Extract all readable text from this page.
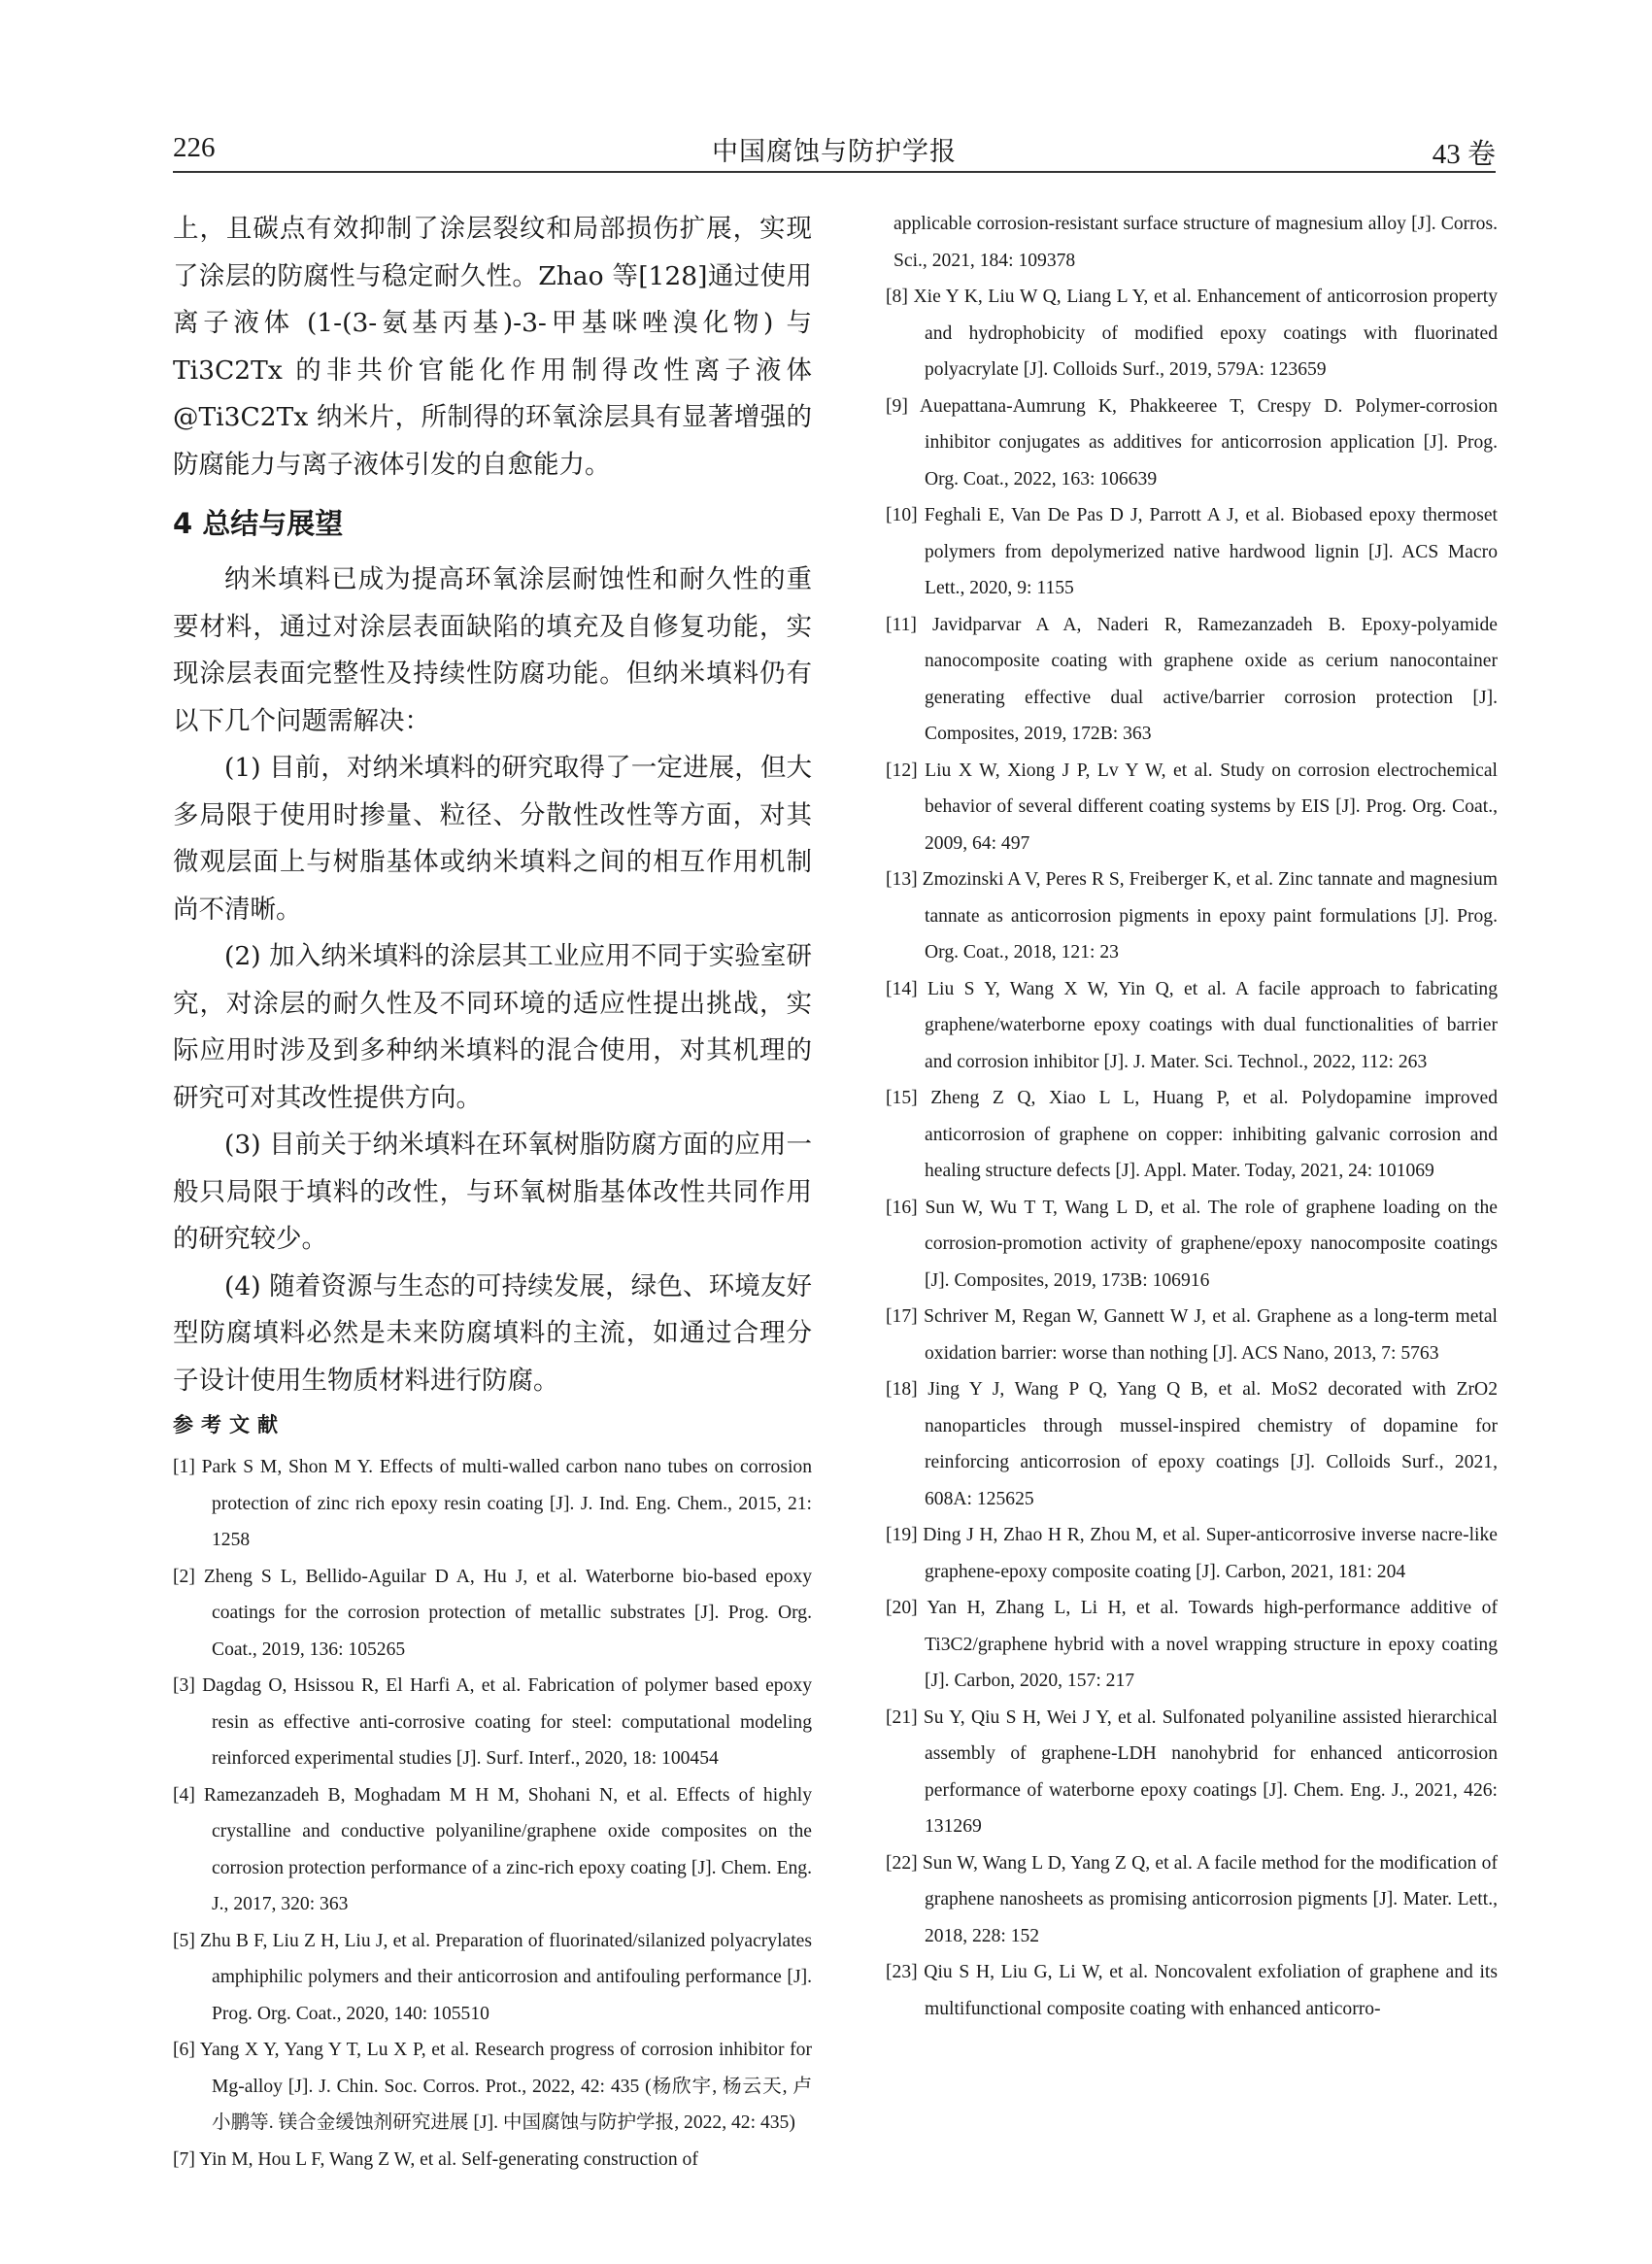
226	中国腐蚀与防护学报	43 卷

上，且碳点有效抑制了涂层裂纹和局部损伤扩展，实现了涂层的防腐性与稳定耐久性。Zhao 等[128]通过使用离子液体 (1-(3-氨基丙基)-3-甲基咪唑溴化物) 与 Ti3C2Tx 的非共价官能化作用制得改性离子液体@Ti3C2Tx 纳米片，所制得的环氧涂层具有显著增强的防腐能力与离子液体引发的自愈能力。

4 总结与展望

纳米填料已成为提高环氧涂层耐蚀性和耐久性的重要材料，通过对涂层表面缺陷的填充及自修复功能，实现涂层表面完整性及持续性防腐功能。但纳米填料仍有以下几个问题需解决：

(1) 目前，对纳米填料的研究取得了一定进展，但大多局限于使用时掺量、粒径、分散性改性等方面，对其微观层面上与树脂基体或纳米填料之间的相互作用机制尚不清晰。

(2) 加入纳米填料的涂层其工业应用不同于实验室研究，对涂层的耐久性及不同环境的适应性提出挑战，实际应用时涉及到多种纳米填料的混合使用，对其机理的研究可对其改性提供方向。

(3) 目前关于纳米填料在环氧树脂防腐方面的应用一般只局限于填料的改性，与环氧树脂基体改性共同作用的研究较少。

(4) 随着资源与生态的可持续发展，绿色、环境友好型防腐填料必然是未来防腐填料的主流，如通过合理分子设计使用生物质材料进行防腐。

参考文献

[1] Park S M, Shon M Y. Effects of multi-walled carbon nano tubes on corrosion protection of zinc rich epoxy resin coating [J]. J. Ind. Eng. Chem., 2015, 21: 1258

[2] Zheng S L, Bellido-Aguilar D A, Hu J, et al. Waterborne bio-based epoxy coatings for the corrosion protection of metallic substrates [J]. Prog. Org. Coat., 2019, 136: 105265

[3] Dagdag O, Hsissou R, El Harfi A, et al. Fabrication of polymer based epoxy resin as effective anti-corrosive coating for steel: computational modeling reinforced experimental studies [J]. Surf. Interf., 2020, 18: 100454

[4] Ramezanzadeh B, Moghadam M H M, Shohani N, et al. Effects of highly crystalline and conductive polyaniline/graphene oxide composites on the corrosion protection performance of a zinc-rich epoxy coating [J]. Chem. Eng. J., 2017, 320: 363

[5] Zhu B F, Liu Z H, Liu J, et al. Preparation of fluorinated/silanized polyacrylates amphiphilic polymers and their anticorrosion and antifouling performance [J]. Prog. Org. Coat., 2020, 140: 105510

[6] Yang X Y, Yang Y T, Lu X P, et al. Research progress of corrosion inhibitor for Mg-alloy [J]. J. Chin. Soc. Corros. Prot., 2022, 42: 435 (杨欣宇, 杨云天, 卢小鹏等. 镁合金缓蚀剂研究进展 [J]. 中国腐蚀与防护学报, 2022, 42: 435)

[7] Yin M, Hou L F, Wang Z W, et al. Self-generating construction of

applicable corrosion-resistant surface structure of magnesium alloy [J]. Corros. Sci., 2021, 184: 109378

[8] Xie Y K, Liu W Q, Liang L Y, et al. Enhancement of anticorrosion property and hydrophobicity of modified epoxy coatings with fluorinated polyacrylate [J]. Colloids Surf., 2019, 579A: 123659

[9] Auepattana-Aumrung K, Phakkeeree T, Crespy D. Polymer-corrosion inhibitor conjugates as additives for anticorrosion application [J]. Prog. Org. Coat., 2022, 163: 106639

[10] Feghali E, Van De Pas D J, Parrott A J, et al. Biobased epoxy thermoset polymers from depolymerized native hardwood lignin [J]. ACS Macro Lett., 2020, 9: 1155

[11] Javidparvar A A, Naderi R, Ramezanzadeh B. Epoxy-polyamide nanocomposite coating with graphene oxide as cerium nanocontainer generating effective dual active/barrier corrosion protection [J]. Composites, 2019, 172B: 363

[12] Liu X W, Xiong J P, Lv Y W, et al. Study on corrosion electrochemical behavior of several different coating systems by EIS [J]. Prog. Org. Coat., 2009, 64: 497

[13] Zmozinski A V, Peres R S, Freiberger K, et al. Zinc tannate and magnesium tannate as anticorrosion pigments in epoxy paint formulations [J]. Prog. Org. Coat., 2018, 121: 23

[14] Liu S Y, Wang X W, Yin Q, et al. A facile approach to fabricating graphene/waterborne epoxy coatings with dual functionalities of barrier and corrosion inhibitor [J]. J. Mater. Sci. Technol., 2022, 112: 263

[15] Zheng Z Q, Xiao L L, Huang P, et al. Polydopamine improved anticorrosion of graphene on copper: inhibiting galvanic corrosion and healing structure defects [J]. Appl. Mater. Today, 2021, 24: 101069

[16] Sun W, Wu T T, Wang L D, et al. The role of graphene loading on the corrosion-promotion activity of graphene/epoxy nanocomposite coatings [J]. Composites, 2019, 173B: 106916

[17] Schriver M, Regan W, Gannett W J, et al. Graphene as a long-term metal oxidation barrier: worse than nothing [J]. ACS Nano, 2013, 7: 5763

[18] Jing Y J, Wang P Q, Yang Q B, et al. MoS2 decorated with ZrO2 nanoparticles through mussel-inspired chemistry of dopamine for reinforcing anticorrosion of epoxy coatings [J]. Colloids Surf., 2021, 608A: 125625

[19] Ding J H, Zhao H R, Zhou M, et al. Super-anticorrosive inverse nacre-like graphene-epoxy composite coating [J]. Carbon, 2021, 181: 204

[20] Yan H, Zhang L, Li H, et al. Towards high-performance additive of Ti3C2/graphene hybrid with a novel wrapping structure in epoxy coating [J]. Carbon, 2020, 157: 217

[21] Su Y, Qiu S H, Wei J Y, et al. Sulfonated polyaniline assisted hierarchical assembly of graphene-LDH nanohybrid for enhanced anticorrosion performance of waterborne epoxy coatings [J]. Chem. Eng. J., 2021, 426: 131269

[22] Sun W, Wang L D, Yang Z Q, et al. A facile method for the modification of graphene nanosheets as promising anticorrosion pigments [J]. Mater. Lett., 2018, 228: 152

[23] Qiu S H, Liu G, Li W, et al. Noncovalent exfoliation of graphene and its multifunctional composite coating with enhanced anticorro-
